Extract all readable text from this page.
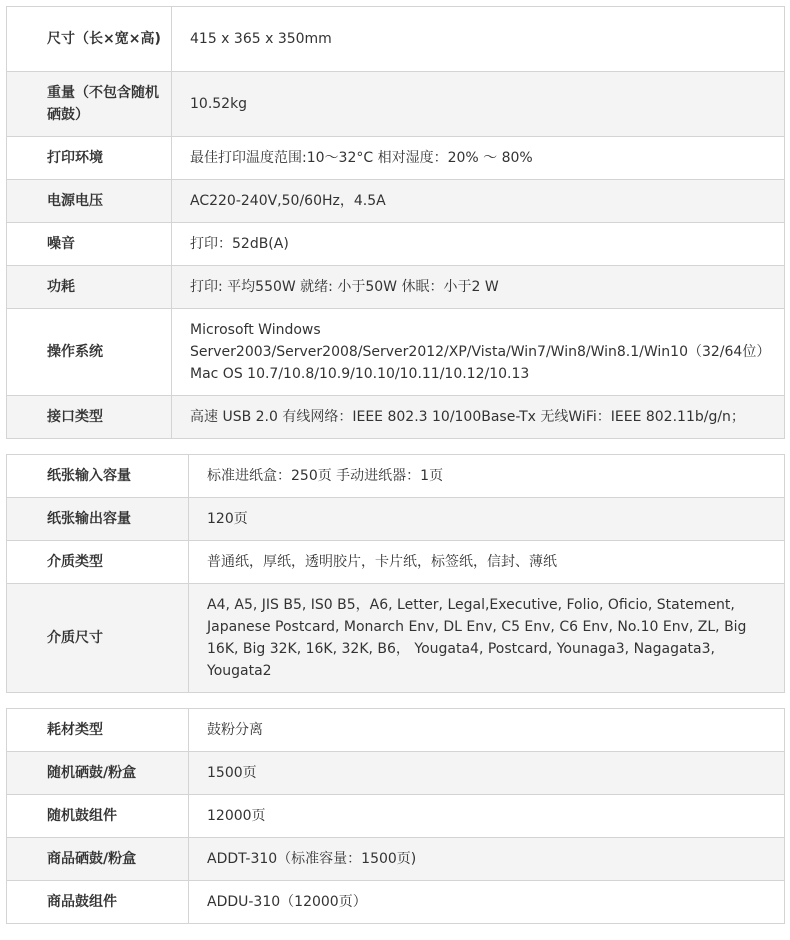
尺寸（长×宽×高)	415 x 365 x 350mm
重量（不包含随机硒鼓）	10.52kg
打印环境	最佳打印温度范围:10～32°C 相对湿度：20% ～ 80%
电源电压	AC220-240V,50/60Hz，4.5A
噪音	打印：52dB(A)
功耗	打印: 平均550W 就绪: 小于50W 休眠：小于2 W
操作系统	Microsoft Windows Server2003/Server2008/Server2012/XP/Vista/Win7/Win8/Win8.1/Win10（32/64位） Mac OS 10.7/10.8/10.9/10.10/10.11/10.12/10.13
接口类型	高速 USB 2.0 有线网络：IEEE 802.3 10/100Base-Tx 无线WiFi：IEEE 802.11b/g/n；
纸张输入容量	标准进纸盒：250页 手动进纸器：1页
纸张输出容量	120页
介质类型	普通纸，厚纸，透明胶片，卡片纸，标签纸，信封、薄纸
介质尺寸	A4, A5, JIS B5, IS0 B5，A6, Letter, Legal,Executive, Folio, Oficio, Statement, Japanese Postcard, Monarch Env, DL Env, C5 Env, C6 Env, No.10 Env, ZL, Big 16K, Big 32K, 16K, 32K, B6， Yougata4, Postcard, Younaga3, Nagagata3, Yougata2
耗材类型	鼓粉分离
随机硒鼓/粉盒	1500页
随机鼓组件	12000页
商品硒鼓/粉盒	ADDT-310（标准容量：1500页)
商品鼓组件	ADDU-310（12000页）
